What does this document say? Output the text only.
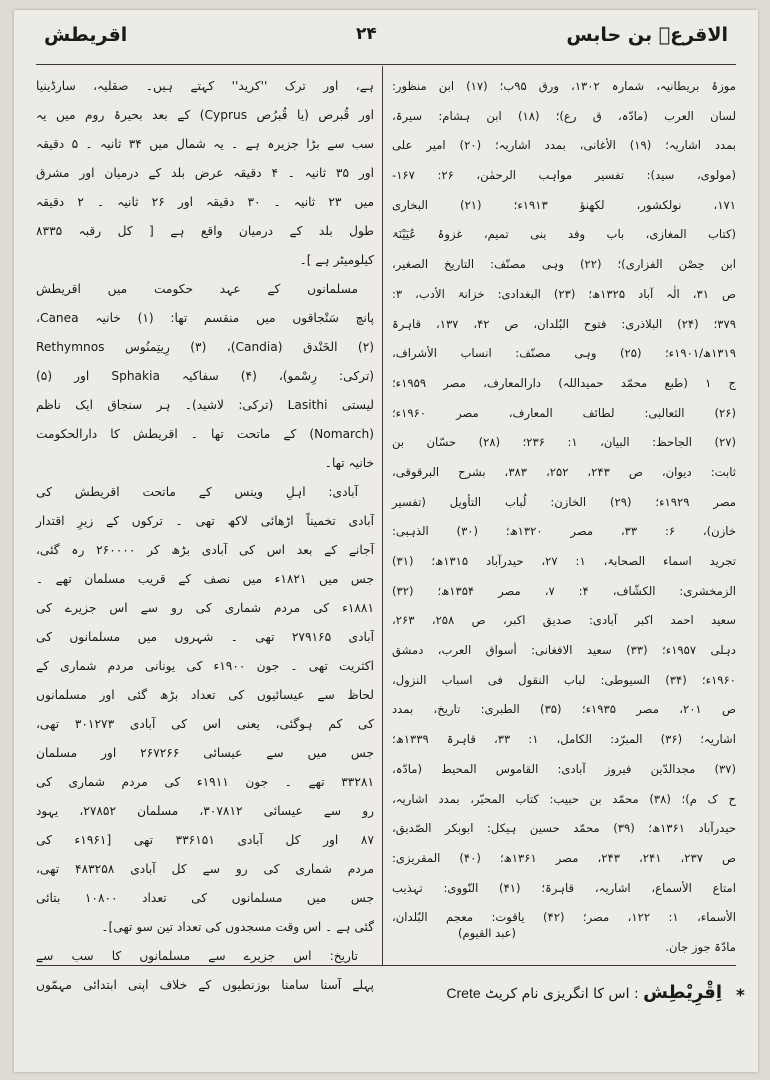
الاقرعؓ بن حابس
۲۴
اقریطش
موزۂ بریطانیہ، شمارہ ۱۳۰۲، ورق ۹۵ب؛ (۱۷) ابن منظور:
لسان العرب (مادّہ، ق رع)؛ (۱۸) ابن ہشام: سیرۃ،
بمدد اشاریہ؛ (۱۹) الأغانی، بمدد اشاریہ؛ (۲۰) امیر علی
(مولوی، سید): تفسیر مواہب الرحمٰن، ۲۶: ۱۶۷-
۱۷۱، نولکشور، لکھنؤ ۱۹۱۳ء؛ (۲۱) البخاری
(کتاب المغازی، باب وفد بنی تمیم، غزوۂ عُیَیْنَۃ
ابن حِصْن الفزاری)؛ (۲۲) وہی مصنّف: التاریخ الصغیر،
ص ۳۱، الٰہ آباد ۱۳۲۵ھ؛ (۲۳) البغدادی: خزانۃ الأدب، ۳:
۳۷۹؛ (۲۴) البلاذری: فتوح البُلدان، ص ۴۲، ۱۳۷، قاہرۃ
۱۳۱۹ھ/۱۹۰۱ء؛ (۲۵) وہی مصنّف: انساب الأشراف،
ج ۱ (طبع محمّد حمیداللہ) دارالمعارف، مصر ۱۹۵۹ء؛
(۲۶) الثعالبی: لطائف المعارف، مصر ۱۹۶۰ء؛
(۲۷) الجاحظ: البیان، ۱: ۲۳۶؛ (۲۸) حسّان بن
ثابت: دیوان، ص ۲۴۳، ۲۵۲، ۳۸۳، بشرح البرقوقی،
مصر ۱۹۲۹ء؛ (۲۹) الخازن: لُباب التأویل (تفسیر
خازن)، ۶: ۳۳، مصر ۱۳۲۰ھ؛ (۳۰) الذہبی:
تجرید اسماء الصحابۃ، ۱: ۲۷، حیدرآباد ۱۳۱۵ھ؛ (۳۱)
الزمخشری: الکشّاف، ۴: ۷، مصر ۱۳۵۴ھ؛ (۳۲)
سعید احمد اکبر آبادی: صدیق اکبر، ص ۲۵۸، ۲۶۳،
دہلی ۱۹۵۷ء؛ (۳۳) سعید الافغانی: أسواق العرب، دمشق
۱۹۶۰ء؛ (۳۴) السیوطی: لباب النقول فی اسباب النزول،
ص ۲۰۱، مصر ۱۹۳۵ء؛ (۳۵) الطبری: تاریخ، بمدد
اشاریہ؛ (۳۶) المبرّد: الکامل، ۱: ۳۳، قاہرۃ ۱۳۳۹ھ؛
(۳۷) مجدالدّین فیروز آبادی: القاموس المحیط (مادّہ،
ح ک م)؛ (۳۸) محمّد بن حبیب: کتاب المحبّر، بمدد اشاریہ،
حیدرآباد ۱۳۶۱ھ؛ (۳۹) محمّد حسین ہیکل: ابوبکر الصّدیق،
ص ۲۳۷، ۲۴۱، ۲۴۳، مصر ۱۳۶۱ھ؛ (۴۰) المقریزی:
امتاع الأسماع، اشاریہ، قاہرۃ؛ (۴۱) النّووی: تہذیب
الأسماء، ۱: ۱۲۲، مصر؛ (۴۲) یاقوت: معجم البُلدان،
مادّۃ جوز جان.
ہے، اور ترک ''کرید'' کہتے ہیں۔ صقلیہ، سارڈینیا
اور قُبرص (یا قُبرُص Cyprus) کے بعد بحیرۂ روم میں یہ
سب سے بڑا جزیرہ ہے ۔ یہ شمال میں ۳۴ ثانیہ ۔ ۵ دقیقہ
اور ۳۵ ثانیہ ۔ ۴ دقیقہ عرض بلد کے درمیان اور مشرق
میں ۲۳ ثانیہ ۔ ۳۰ دقیقہ اور ۲۶ ثانیہ ۔ ۲ دقیقہ
طول بلد کے درمیان واقع ہے [ کل رقبہ ۸۳۳۵
کیلومیٹر ہے ]۔
مسلمانوں کے عہد حکومت میں اقریطش
پانچ سَنْجاقوں میں منقسم تھا: (۱) خانیہ Canea،
(۲) الخَنْدق (Candia)، (۳) رِیتِمنُوس Rethymnos
(ترکی: رِسْمو)، (۴) سفاکیہ Sphakia اور (۵)
لیستی Lasithi (ترکی: لاشید)۔ ہر سنجاق ایک ناظم
(Nomarch) کے ماتحت تھا ۔ اقریطش کا دارالحکومت
خانیہ تھا۔
آبادی: اہلِ وینس کے ماتحت اقریطش کی
آبادی تخمیناً اڑھائی لاکھ تھی ۔ ترکوں کے زیرِ اقتدار
آجانے کے بعد اس کی آبادی بڑھ کر ۲۶۰۰۰۰ رہ گئی،
جس میں ۱۸۲۱ء میں نصف کے قریب مسلمان تھے ۔
۱۸۸۱ء کی مردم شماری کی رو سے اس جزیرے کی
آبادی ۲۷۹۱۶۵ تھی ۔ شہروں میں مسلمانوں کی
اکثریت تھی ۔ جون ۱۹۰۰ء کی یونانی مردم شماری کے
لحاظ سے عیسائیوں کی تعداد بڑھ گئی اور مسلمانوں
کی کم ہوگئی، یعنی اس کی آبادی ۳۰۱۲۷۳ تھی،
جس میں سے عیسائی ۲۶۷۲۶۶ اور مسلمان
۳۳۲۸۱ تھے ۔ جون ۱۹۱۱ء کی مردم شماری کی
رو سے عیسائی ۳۰۷۸۱۲، مسلمان ۲۷۸۵۲، یہود
۸۷ اور کل آبادی ۳۳۶۱۵۱ تھی [۱۹۶۱ء کی
مردم شماری کی رو سے کل آبادی ۴۸۳۲۵۸ تھی،
جس میں مسلمانوں کی تعداد ۱۰۸۰۰ بتائی
گئی ہے ۔ اس وقت مسجدوں کی تعداد تین سو تھی]۔
تاریخ: اس جزیرے سے مسلمانوں کا سب سے
پہلے آسنا سامنا بوزنطیوں کے خلاف اپنی ابتدائی مہمّوں
(عبد القیوم)
*
اِقْرِیْطِش : اس کا انگریزی نام کریٹ Crete
